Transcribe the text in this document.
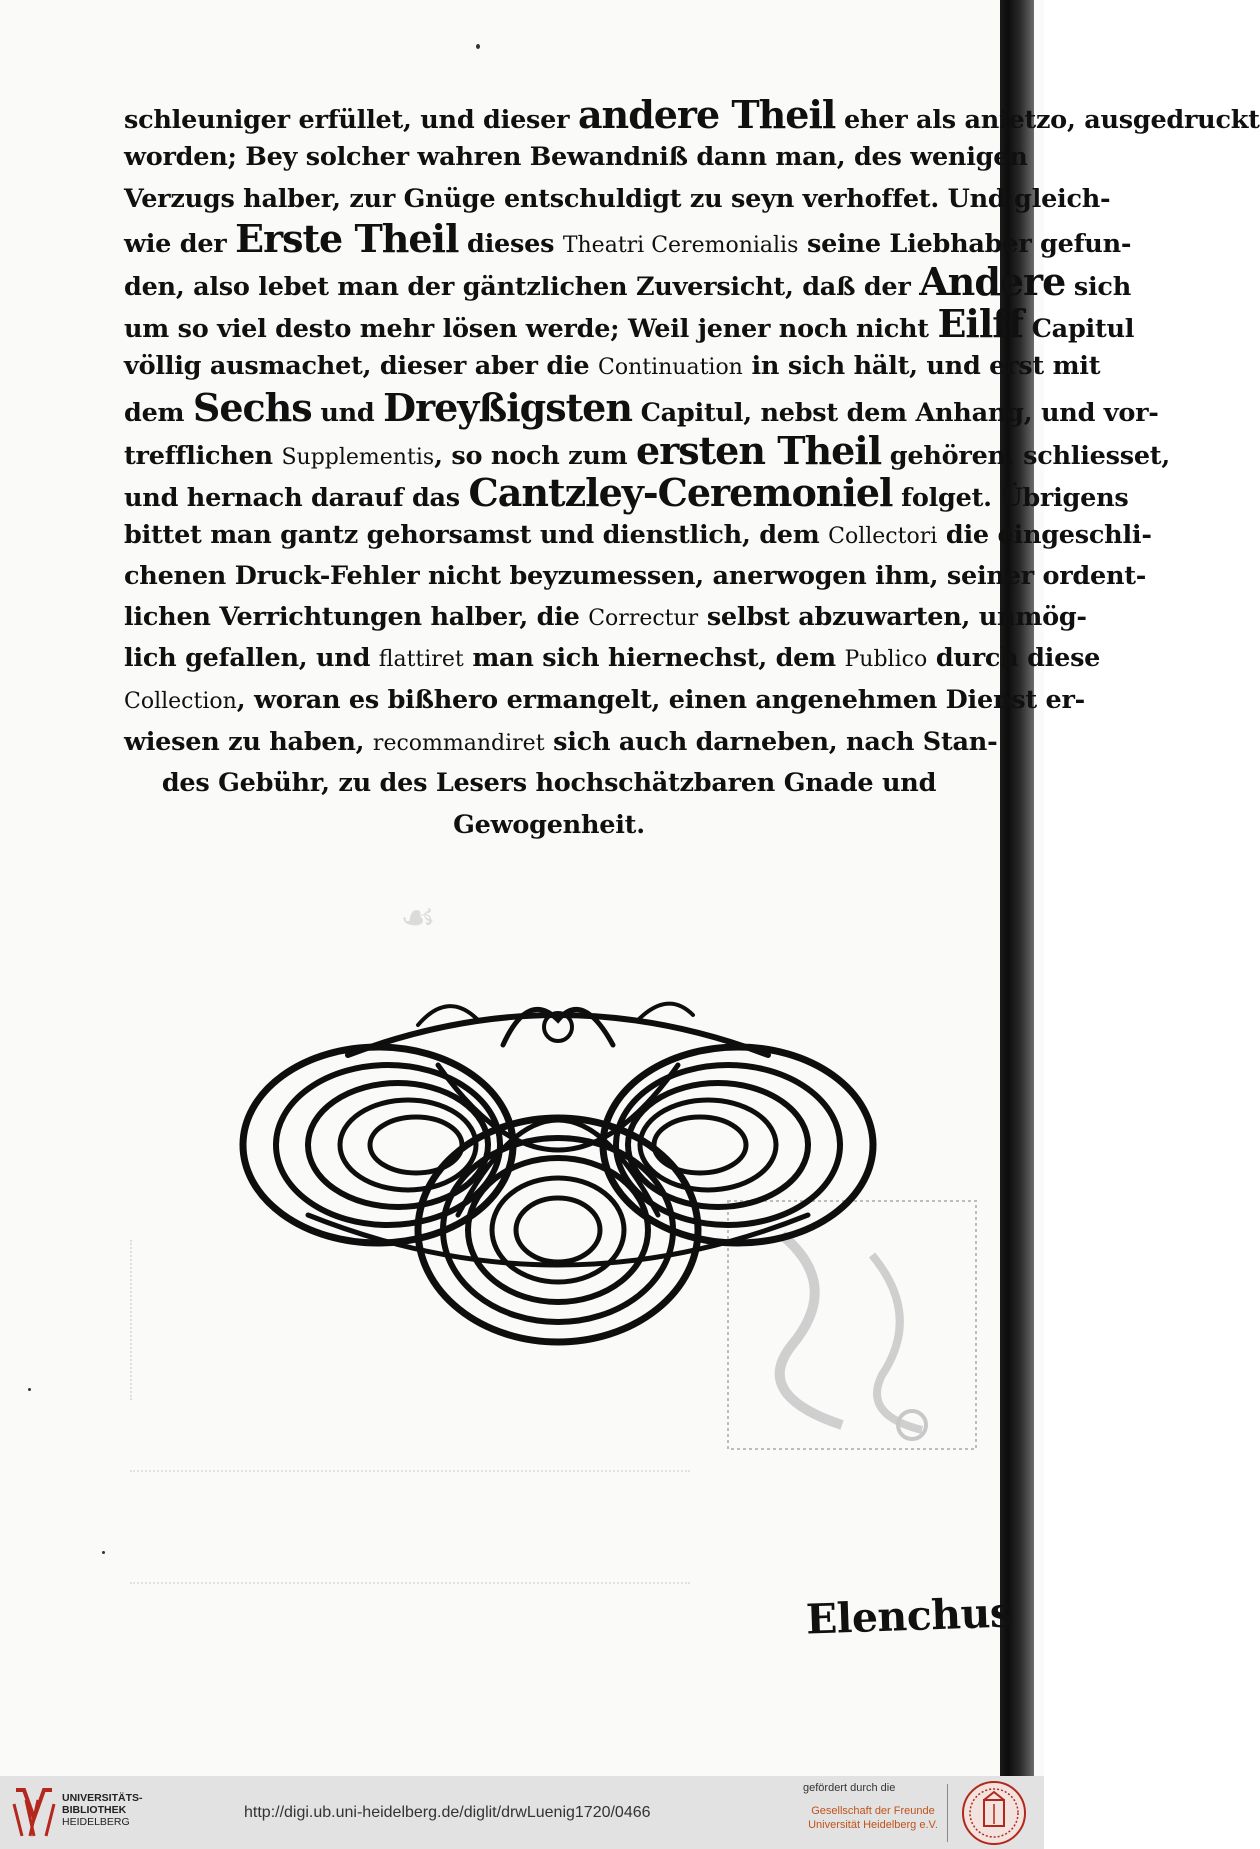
schleuniger erfüllet, und dieser andere Theil eher als anietzo, ausgedruckt
worden; Bey solcher wahren Bewandniß dann man, des wenigen
Verzugs halber, zur Gnüge entschuldigt zu seyn verhoffet. Und gleich-
wie der Erste Theil dieses Theatri Ceremonialis seine Liebhaber gefun-
den, also lebet man der gäntzlichen Zuversicht, daß der Andere sich
um so viel desto mehr lösen werde; Weil jener noch nicht Eilff Capitul
völlig ausmachet, dieser aber die Continuation in sich hält, und erst mit
dem Sechs und Dreyßigsten Capitul, nebst dem Anhang, und vor-
trefflichen Supplementis, so noch zum ersten Theil gehören, schliesset,
und hernach darauf das Cantzley-Ceremoniel folget. Übrigens
bittet man gantz gehorsamst und dienstlich, dem Collectori die eingeschli-
chenen Druck-Fehler nicht beyzumessen, anerwogen ihm, seiner ordent-
lichen Verrichtungen halber, die Correctur selbst abzuwarten, unmög-
lich gefallen, und flattiret man sich hiernechst, dem Publico durch diese
Collection, woran es bißhero ermangelt, einen angenehmen Dienst er-
wiesen zu haben, recommandiret sich auch darneben, nach Stan-
des Gebühr, zu des Lesers hochschätzbaren Gnade und
Gewogenheit.
☙
Elenchus
UNIVERSITÄTS-
BIBLIOTHEK
HEIDELBERG
http://digi.ub.uni-heidelberg.de/diglit/drwLuenig1720/0466
gefördert durch die
Gesellschaft der Freunde
Universität Heidelberg e.V.
